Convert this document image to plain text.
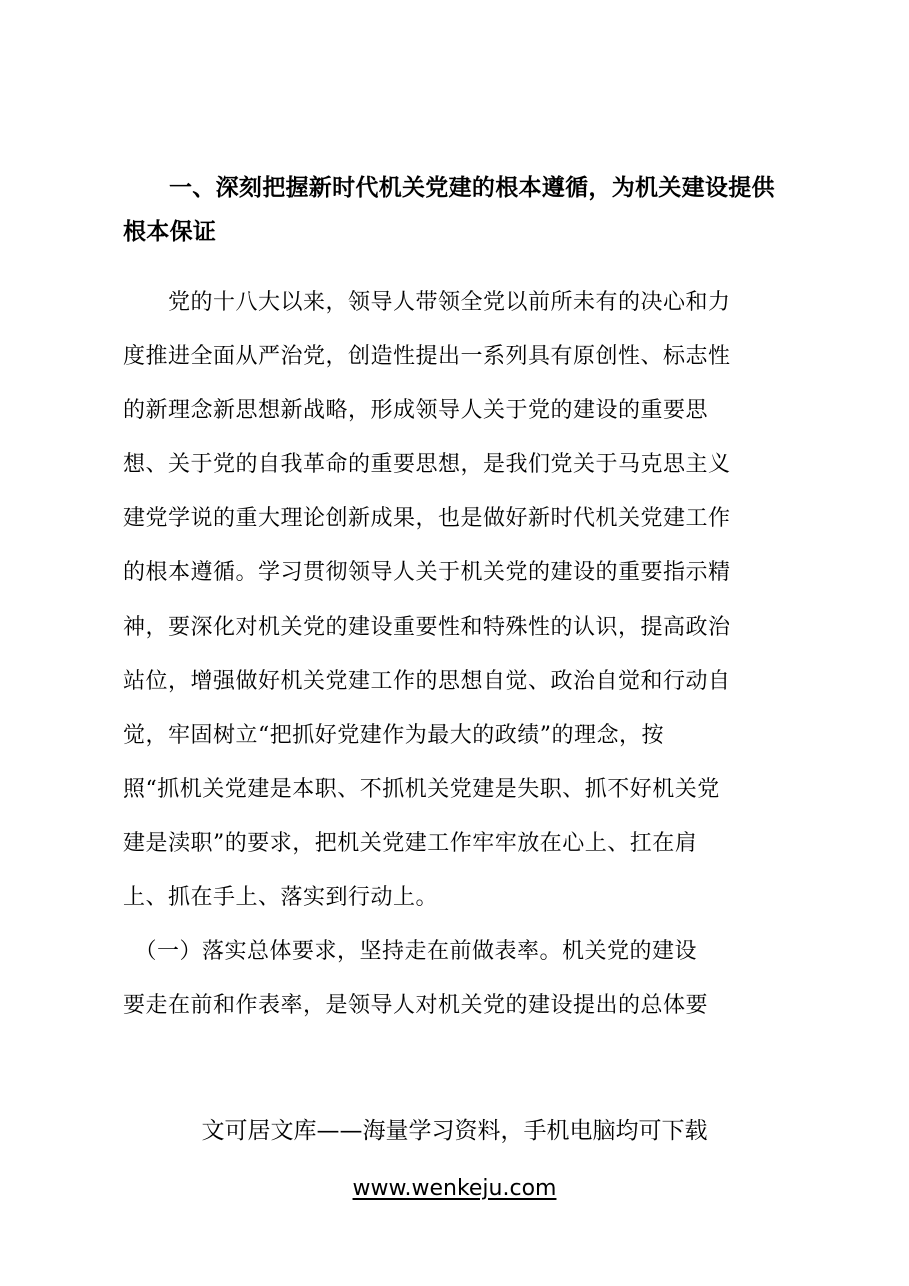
一、深刻把握新时代机关党建的根本遵循，为机关建设提供根本保证

　　党的十八大以来，领导人带领全党以前所未有的决心和力
度推进全面从严治党，创造性提出一系列具有原创性、标志性
的新理念新思想新战略，形成领导人关于党的建设的重要思
想、关于党的自我革命的重要思想，是我们党关于马克思主义
建党学说的重大理论创新成果，也是做好新时代机关党建工作
的根本遵循。学习贯彻领导人关于机关党的建设的重要指示精
神，要深化对机关党的建设重要性和特殊性的认识，提高政治
站位，增强做好机关党建工作的思想自觉、政治自觉和行动自
觉，牢固树立“把抓好党建作为最大的政绩”的理念，按
照“抓机关党建是本职、不抓机关党建是失职、抓不好机关党
建是渎职”的要求，把机关党建工作牢牢放在心上、扛在肩
上、抓在手上、落实到行动上。
　（一）落实总体要求，坚持走在前做表率。机关党的建设
要走在前和作表率，是领导人对机关党的建设提出的总体要
文可居文库——海量学习资料，手机电脑均可下载
www.wenkeju.com
